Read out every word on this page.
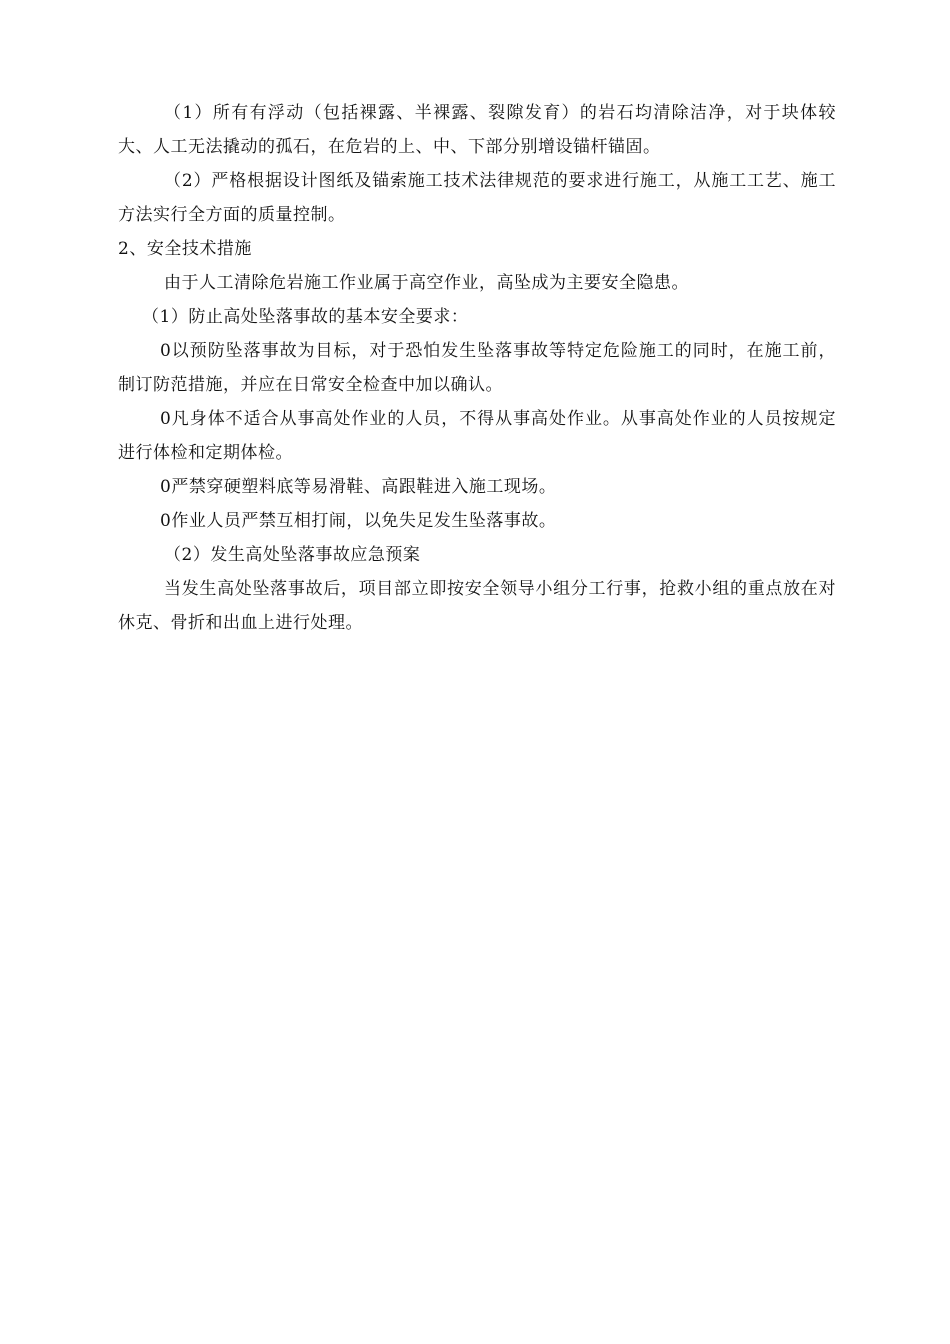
（1）所有有浮动（包括裸露、半裸露、裂隙发育）的岩石均清除洁净，对于块体较大、人工无法撬动的孤石，在危岩的上、中、下部分别增设锚杆锚固。

（2）严格根据设计图纸及锚索施工技术法律规范的要求进行施工，从施工工艺、施工方法实行全方面的质量控制。

2、安全技术措施

由于人工清除危岩施工作业属于高空作业，高坠成为主要安全隐患。

（1）防止高处坠落事故的基本安全要求：

0以预防坠落事故为目标，对于恐怕发生坠落事故等特定危险施工的同时，在施工前，制订防范措施，并应在日常安全检查中加以确认。

0凡身体不适合从事高处作业的人员，不得从事高处作业。从事高处作业的人员按规定进行体检和定期体检。

0严禁穿硬塑料底等易滑鞋、高跟鞋进入施工现场。

0作业人员严禁互相打闹，以免失足发生坠落事故。

（2）发生高处坠落事故应急预案

当发生高处坠落事故后，项目部立即按安全领导小组分工行事，抢救小组的重点放在对休克、骨折和出血上进行处理。
